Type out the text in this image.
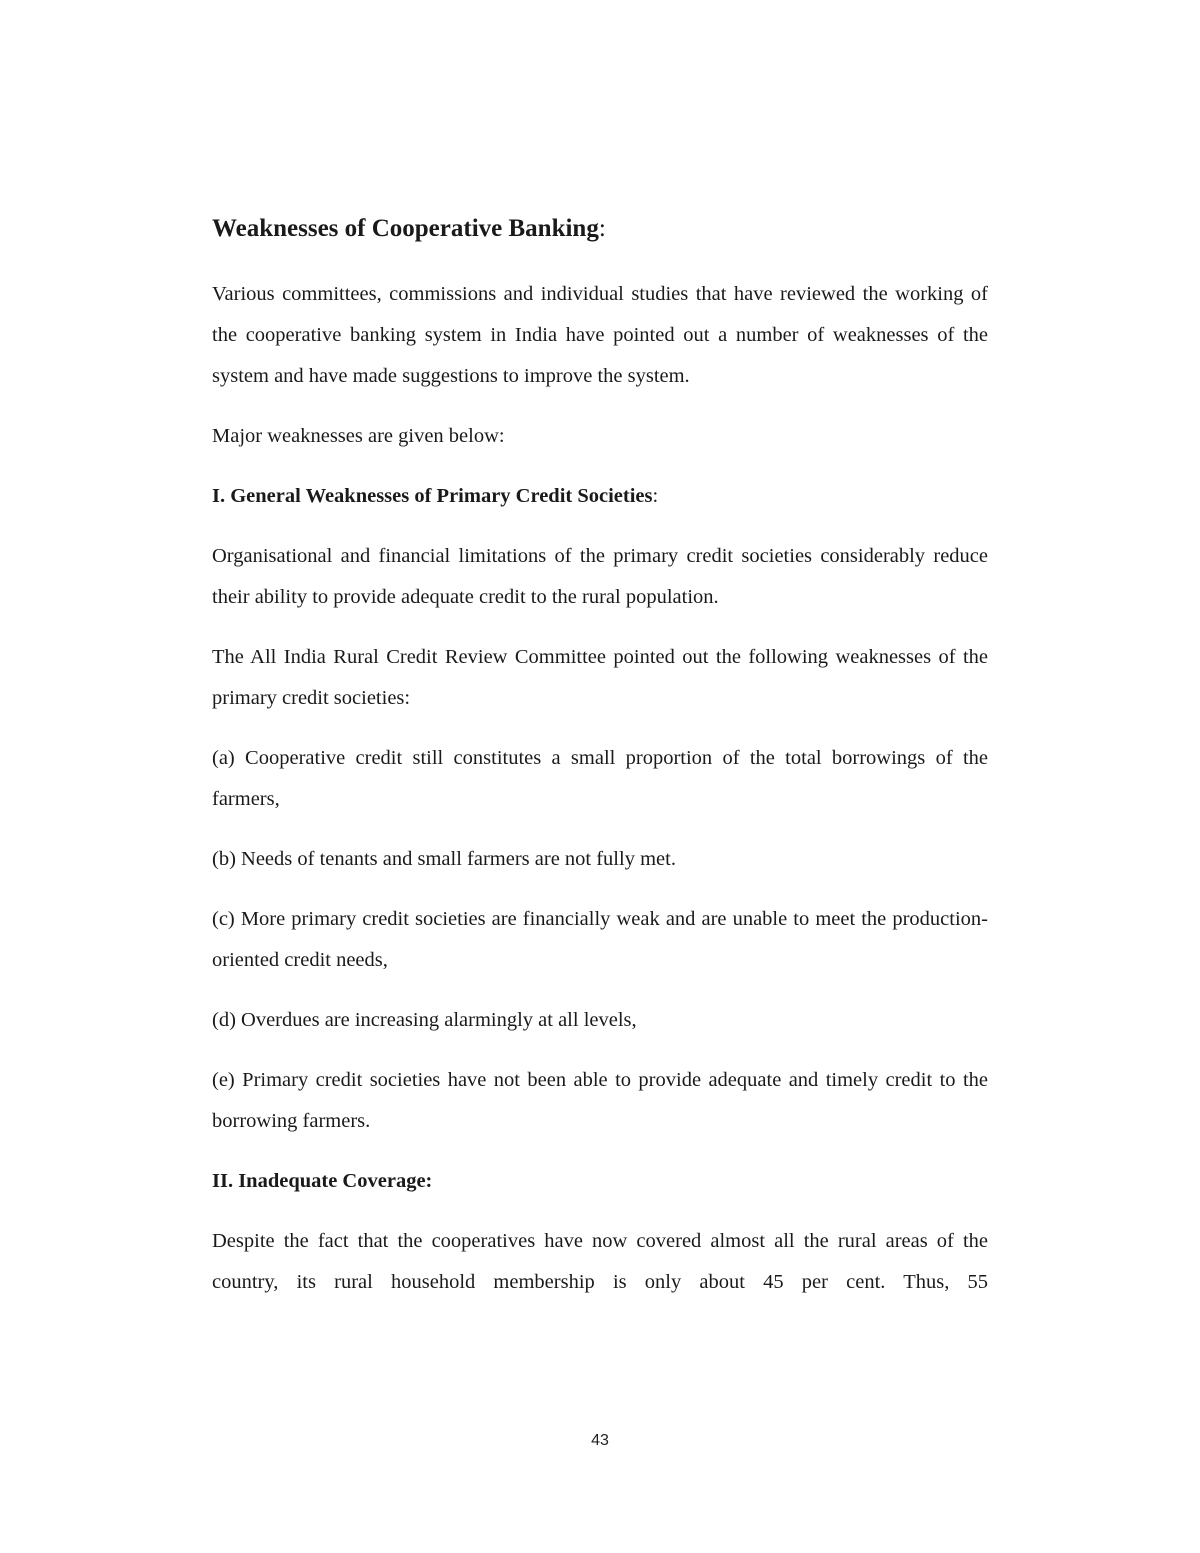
Weaknesses of Cooperative Banking:

Various committees, commissions and individual studies that have reviewed the working of the cooperative banking system in India have pointed out a number of weaknesses of the system and have made suggestions to improve the system.

Major weaknesses are given below:

I. General Weaknesses of Primary Credit Societies:

Organisational and financial limitations of the primary credit societies considerably reduce their ability to provide adequate credit to the rural population.

The All India Rural Credit Review Committee pointed out the following weaknesses of the primary credit societies:

(a) Cooperative credit still constitutes a small proportion of the total borrowings of the farmers,

(b) Needs of tenants and small farmers are not fully met.

(c) More primary credit societies are financially weak and are unable to meet the production-oriented credit needs,

(d) Overdues are increasing alarmingly at all levels,

(e) Primary credit societies have not been able to provide adequate and timely credit to the borrowing farmers.

II. Inadequate Coverage:

Despite the fact that the cooperatives have now covered almost all the rural areas of the country, its rural household membership is only about 45 per cent. Thus, 55

43
